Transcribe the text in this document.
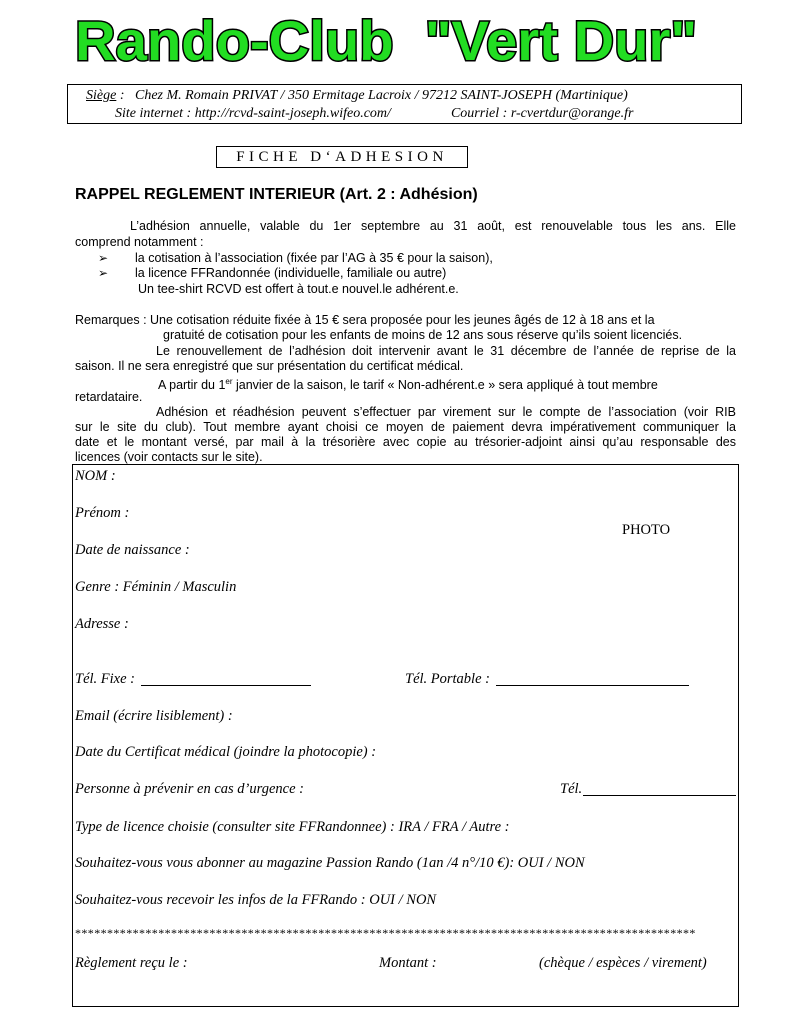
Rando-Club  "Vert Dur"
Siège : Chez M. Romain PRIVAT / 350 Ermitage Lacroix / 97212 SAINT-JOSEPH (Martinique)
Site internet : http://rcvd-saint-joseph.wifeo.com/	Courriel : r-cvertdur@orange.fr
FICHE D‘ADHESION
RAPPEL REGLEMENT INTERIEUR (Art. 2 : Adhésion)
L’adhésion annuelle, valable du 1er septembre au 31 août, est renouvelable tous les ans. Elle
comprend notamment :
➢ la cotisation à l’association (fixée par l’AG à 35 € pour la saison),
➢ la licence FFRandonnée (individuelle, familiale ou autre)
Un tee-shirt RCVD est offert à tout.e nouvel.le adhérent.e.
Remarques : Une cotisation réduite fixée à 15 € sera proposée pour les jeunes âgés de 12 à 18 ans et la
gratuité de cotisation pour les enfants de moins de 12 ans sous réserve qu’ils soient licenciés.
Le renouvellement de l’adhésion doit intervenir avant le 31 décembre de l’année de reprise de la
saison. Il ne sera enregistré que sur présentation du certificat médical.
A partir du 1er janvier de la saison, le tarif « Non-adhérent.e » sera appliqué à tout membre
retardataire.
Adhésion et réadhésion peuvent s’effectuer par virement sur le compte de l’association (voir RIB
sur le site du club). Tout membre ayant choisi ce moyen de paiement devra impérativement communiquer la
date et le montant versé, par mail à la trésorière avec copie au trésorier-adjoint ainsi qu’au responsable des
licences (voir contacts sur le site).
NOM :
Prénom :
PHOTO
Date de naissance :
Genre : Féminin / Masculin
Adresse :
Tél. Fixe :	Tél. Portable :
Email (écrire lisiblement) :
Date du Certificat médical (joindre la photocopie) :
Personne à prévenir en cas d’urgence :	Tél.
Type de licence choisie (consulter site FFRandonnee) : IRA / FRA / Autre :
Souhaitez-vous vous abonner au magazine Passion Rando (1an /4 n°/10 €): OUI / NON
Souhaitez-vous recevoir les infos de la FFRando : OUI / NON
*************************************************************************************************
Règlement reçu le :	Montant :	(chèque / espèces / virement)
